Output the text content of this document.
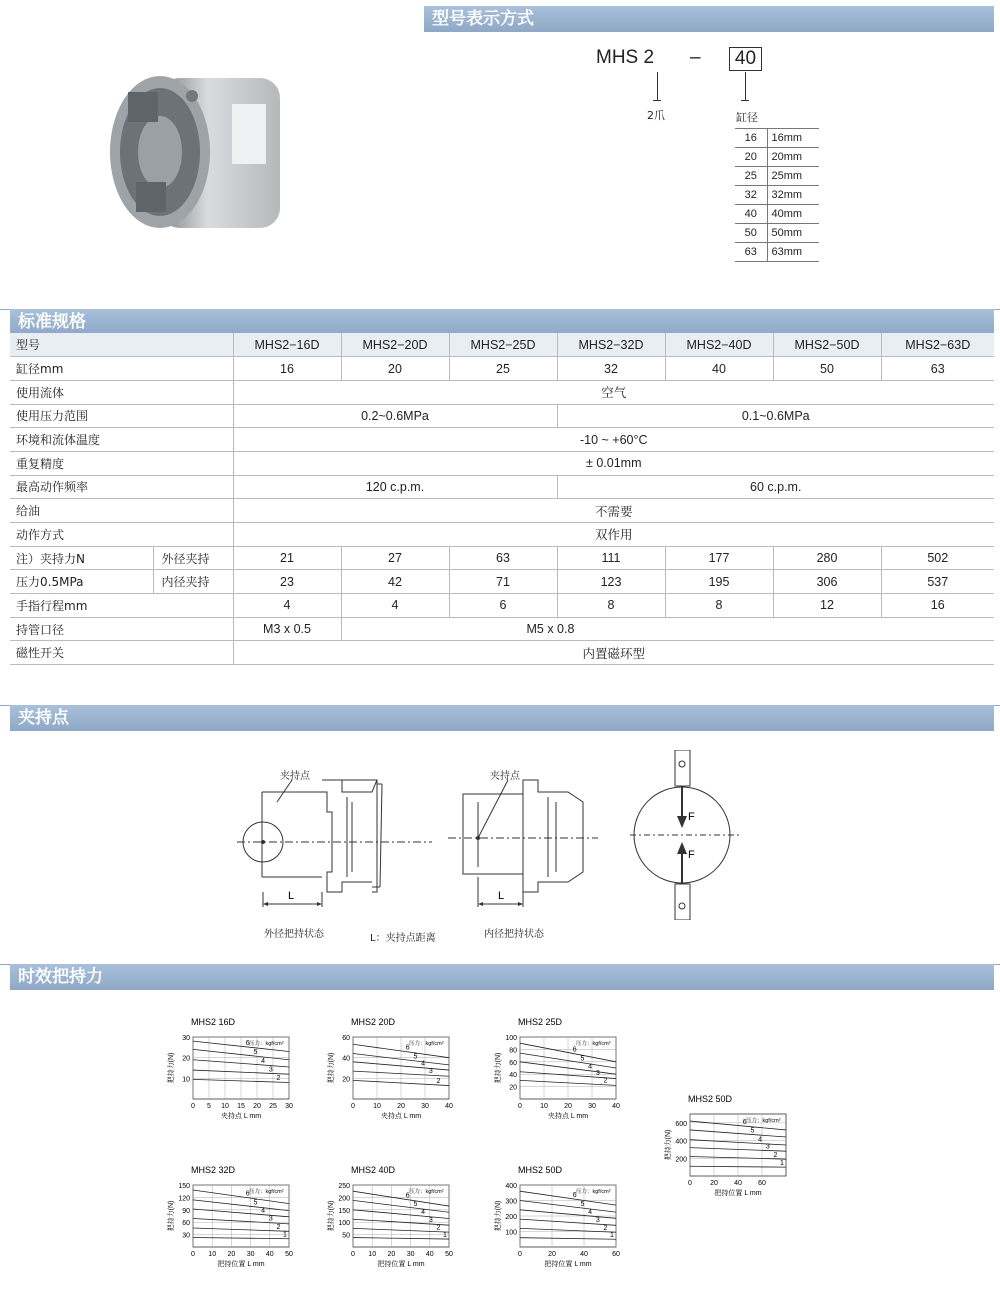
型号表示方式
MHS 2 –	40
2爪	缸径
16	16mm
20	20mm
25	25mm
32	32mm
40	40mm
50	50mm
63	63mm
标准规格
型号		MHS2−16D	MHS2−20D	MHS2−25D	MHS2−32D	MHS2−40D	MHS2−50D	MHS2−63D
缸径mm		16	20	25	32	40	50	63
使用流体		空气						
使用压力范围		0.2~0.6MPa			0.1~0.6MPa			
环境和流体温度		-10 ~ +60°C						
重复精度		± 0.01mm						
最高动作频率		120 c.p.m.			60 c.p.m.			
给油		不需要						
动作方式		双作用						
注）夹持力N	外径夹持	21	27	63	111	177	280	502
压力0.5MPa	内径夹持	23	42	71	123	195	306	537
手指行程mm		4	4	6	8	8	12	16
持管口径		M3 x 0.5	M5 x 0.8					
磁性开关		内置磁环型						
夹持点
L
夹持点
L
夹持点
F
F
外径把持状态	L：夹持点距离	内径把持状态
时效把持力
MHS2 16D
10
20
30
0 5 10 15 20 25 30
6
5
4
3
2
压力：kgf/cm²
夹持点 L mm
把持力(N)
MHS2 20D
20
40
60
0	10 20 30 40
6
5
4
3
2
压力：kgf/cm²
夹持点 L mm
把持力(N)
MHS2 25D
20
40
60
80
100
0	10 20 30 40
6
5
4
3
2
压力：kgf/cm²
夹持点 L mm
把持力(N)
MHS2 50D
200
400
600
0	20 40 60
6
5
4
3
2
1
压力：kgf/cm²
把持位置 L mm
把持力(N)
MHS2 32D
30
60
90
120
150
0 10 20 30 40 50
6
5
4
3
2
1
压力：kgf/cm²
把持位置 L mm
把持力(N)
MHS2 40D
50
100
150
200
250
0 10 20 30 40 50
6
5
4
3
2
1
压力：kgf/cm²
把持位置 L mm
把持力(N)
MHS2 50D
100
200
300
400
0	20	40	60
6
5
4
3
2
1
压力：kgf/cm²
把持位置 L mm
把持力(N)
